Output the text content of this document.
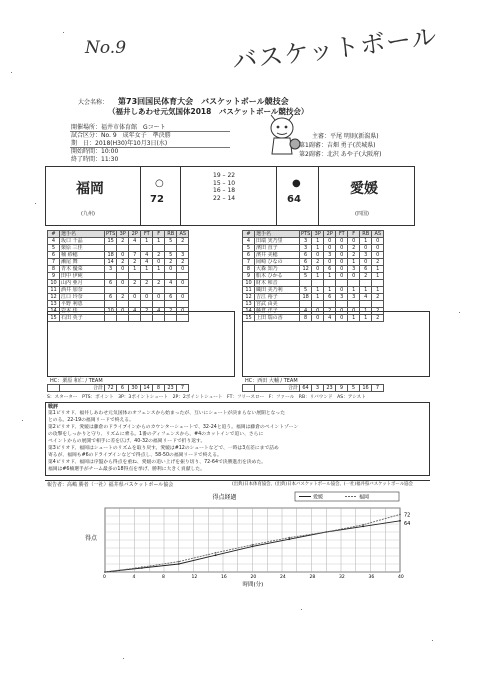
No.9	バスケットボール
大会名称： 第73回国民体育大会　バスケットボール競技会
（福井しあわせ元気国体2018　バスケットボール競技会）
開催場所：福井市体育館　Gコート
試合区分：No. 9　成年女子　準決勝
期　日：2018(H30)年10月3日(水)
開始時間：10:00
終了時間：11:30
主審：平尾 明則(新潟県)
第1副審：吉畑 勇子(茨城県)
第2副審：北沢 あや子(大阪府)
福岡
(九州)
○
72
19 – 22
15 – 10
16 – 18
22 – 14
●
64
愛媛
(四国)
#	選手名	PTS	3P	2P	FT	F	RB	AS
4	坂口 千晶	15	2	4	1	1	5	2
5	栗原 三佳							
6	楠 紗穂	18	0	7	4	2	5	3
7	瀬尾 舞	14	2	2	4	0	2	2
8	青木 優菜	3	0	1	1	1	0	0
9	田中 伊純							
10	山内 亜月	6	0	2	2	2	4	0
11	酒井 加奈							
12	江口 玲奈	6	2	0	0	0	6	0
13	平野 利恵							
14	岩本 佳	10	0	4	2	4	2	0
15	石田 英子							
#	選手名	PTS	3P	2P	FT	F	RB	AS
4	田端 実乃里	3	1	0	0	0	1	0
5	濱田 直子	3	1	0	0	2	0	0
6	濱井 美穂	6	0	3	0	2	3	0
7	岡崎 ひなの	6	2	0	0	1	0	2
8	大森 知乃	12	0	6	0	3	6	1
9	船木 ひかる	5	1	1	0	0	2	1
10	財木 和音							
11	織田 美乃利	5	1	1	0	1	1	1
12	吉江 裕子	18	1	6	3	3	4	2
13	宮武 由美							
14	藤倉 洋子	4	0	2	0	0	1	2
15	上田 瑞の香	8	0	4	0	1	1	2
HC：栗原 和仁 / TEAM	HC：西田 大輔 / TEAM
	合計	72	6	30	14	8	23	7
		合計	64	3	23	9	5	16	7
S：スターター　PTS：ポイント　3P：3ポイントシュート　2P：2ポイントシュート　FT：フリースロー　F：ファール　RB：リバウンド　AS：アシスト
戦評
第1ピリオド、福井しあわせ元気国体のオフェンスから始まったが、互いにシュートが決まらない展開となった
とのる。22-19の福岡リードで終える。
第2ピリオド、愛媛は藤倉のドライブインからのカウンターシュートで、32-24と追う。福岡は藤倉のペイントゾーン
の攻撃をしっかりと守り、リズムに乗る。1番のディフェンスから、#4のカットインで追い、さらに
ペイントからの展開で相手に差を広げ、40-32の福岡リードで折り返す。
第3ピリオド、福岡はシュートのリズムを取り戻す。愛媛は#12のシュートなどで、一時は3点差にまで詰め
寄るが、福岡も#6のドライブインなどで得点し、58-50の福岡リードで終える。
第4ピリオド、福岡は序盤から得点を重ね、愛媛の追い上げを振り切り、72-64で決勝進出を決めた。
福岡は#6楠選手がチーム最多の18得点を挙げ、勝利に大きく貢献した。
報告者：高嶋 勝者（一社）福井県バスケットボール協会	(出典)日本体育協会、(出典)日本バスケットボール協会、(一社)福井県バスケットボール協会
得点経過	愛媛	福岡
得点
0	4	8	12	16	20	24	28	32	36	40
時間(分)
72
64
